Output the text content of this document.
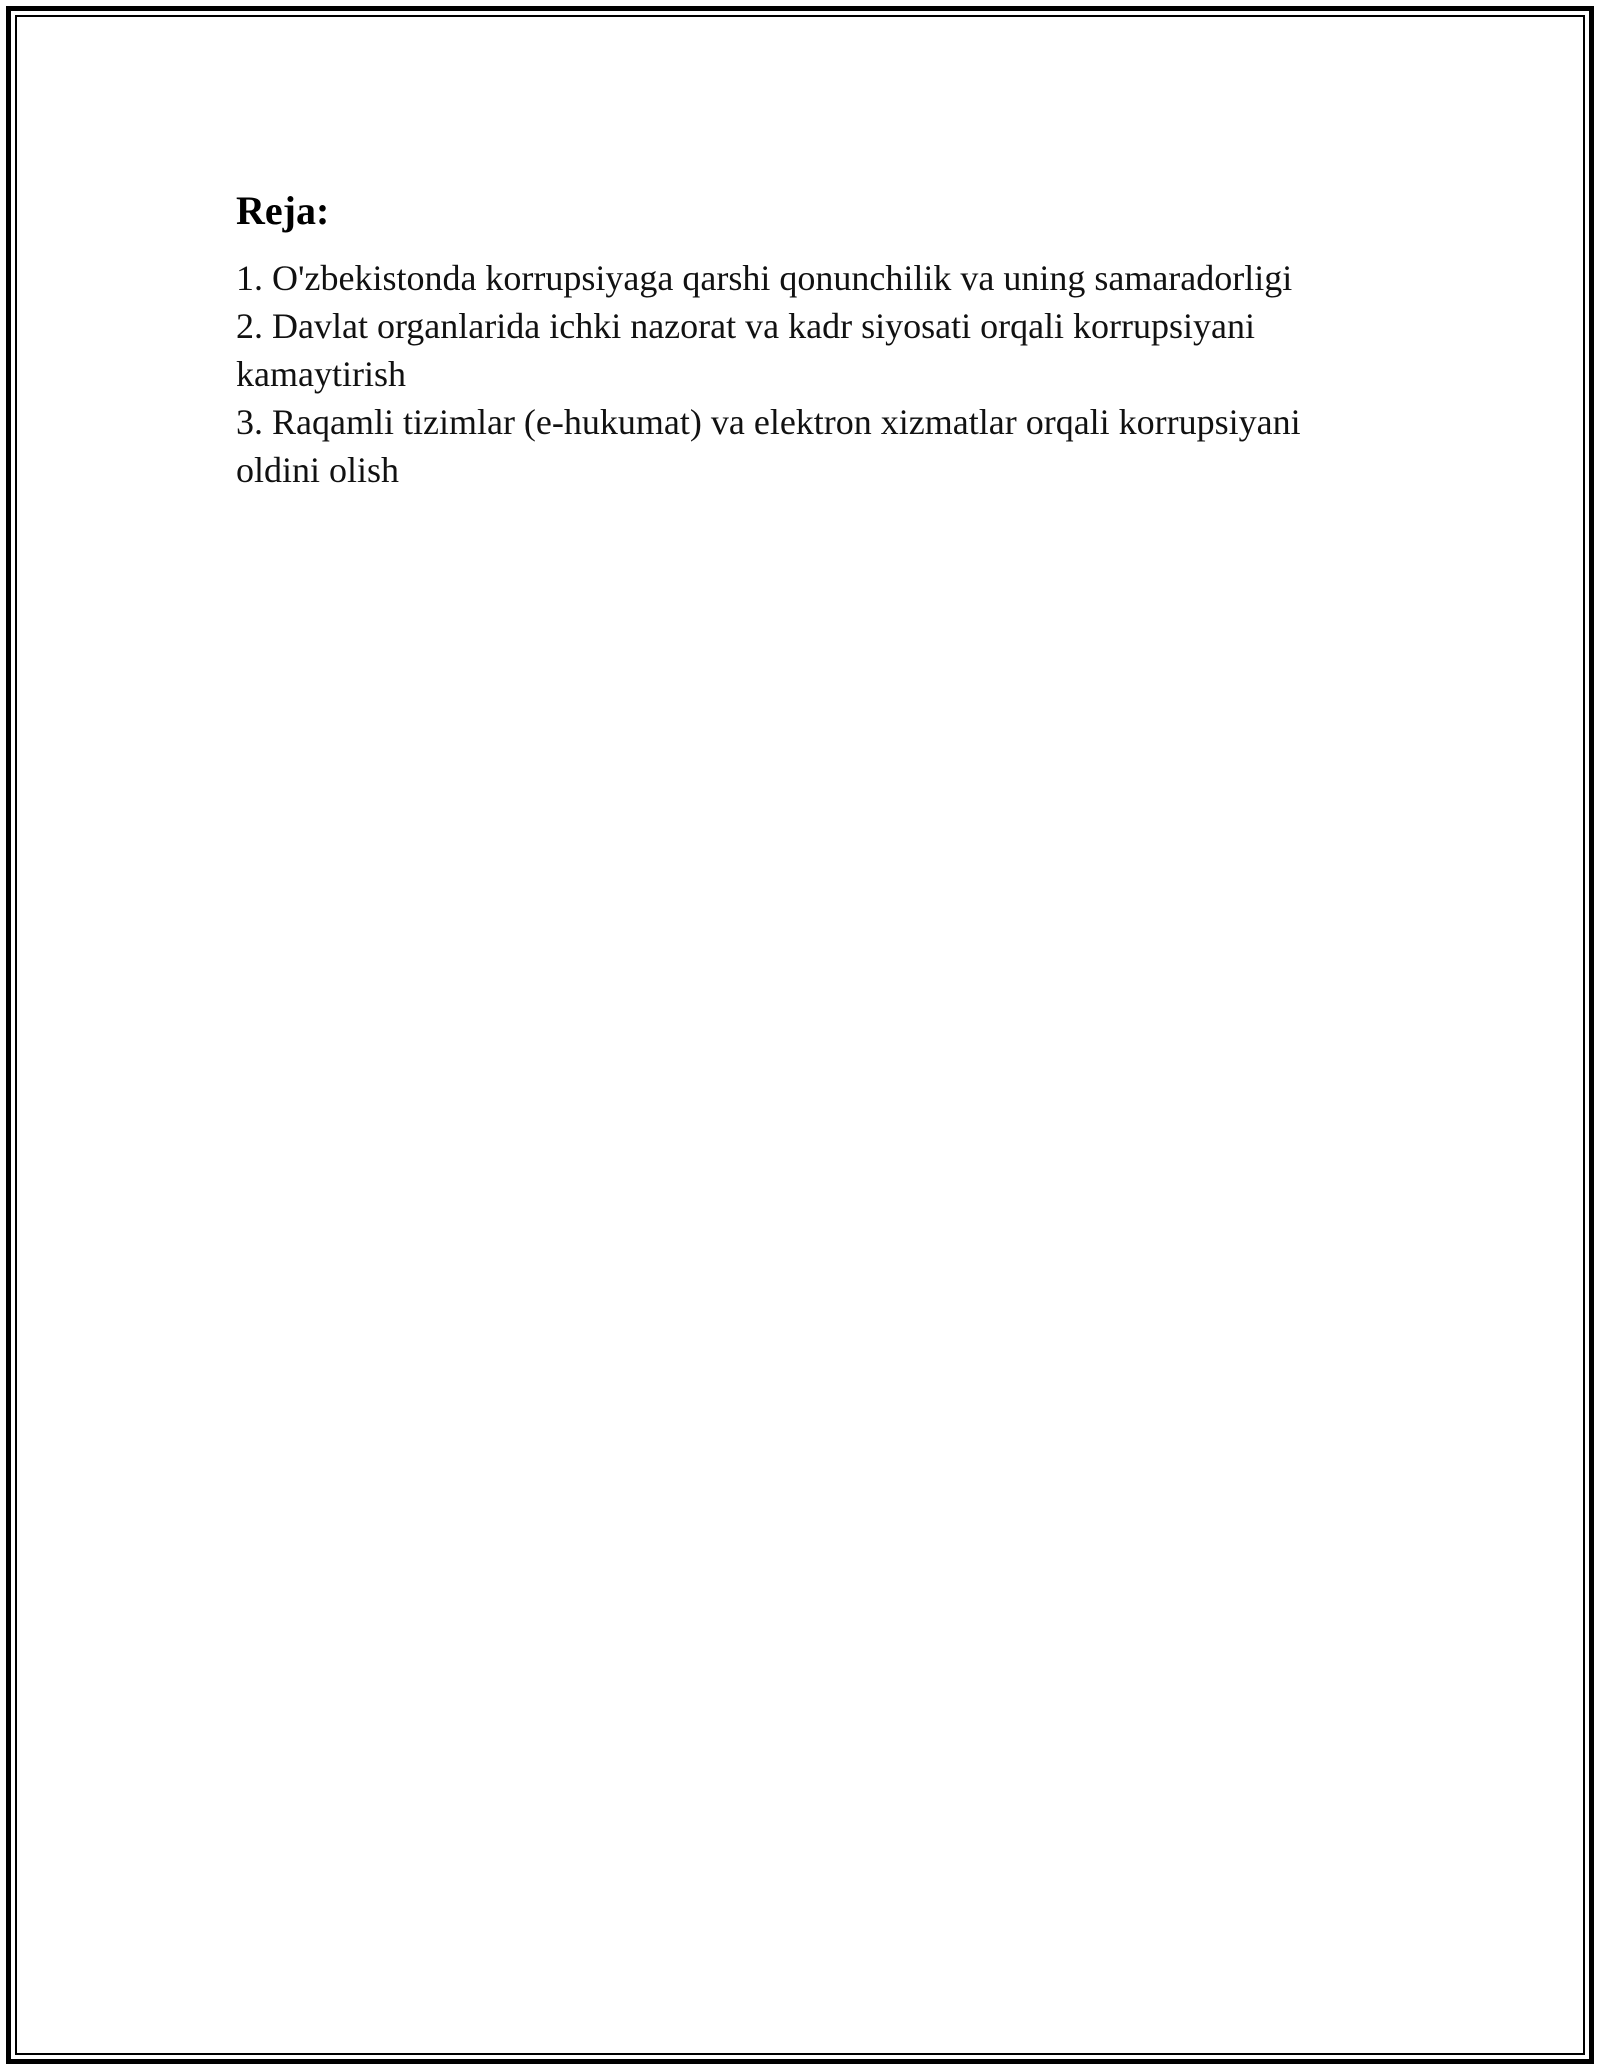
Reja:
1. O'zbekistonda korrupsiyaga qarshi qonunchilik va uning samaradorligi
2. Davlat organlarida ichki nazorat va kadr siyosati orqali korrupsiyani kamaytirish
3. Raqamli tizimlar (e-hukumat) va elektron xizmatlar orqali korrupsiyani oldini olish
